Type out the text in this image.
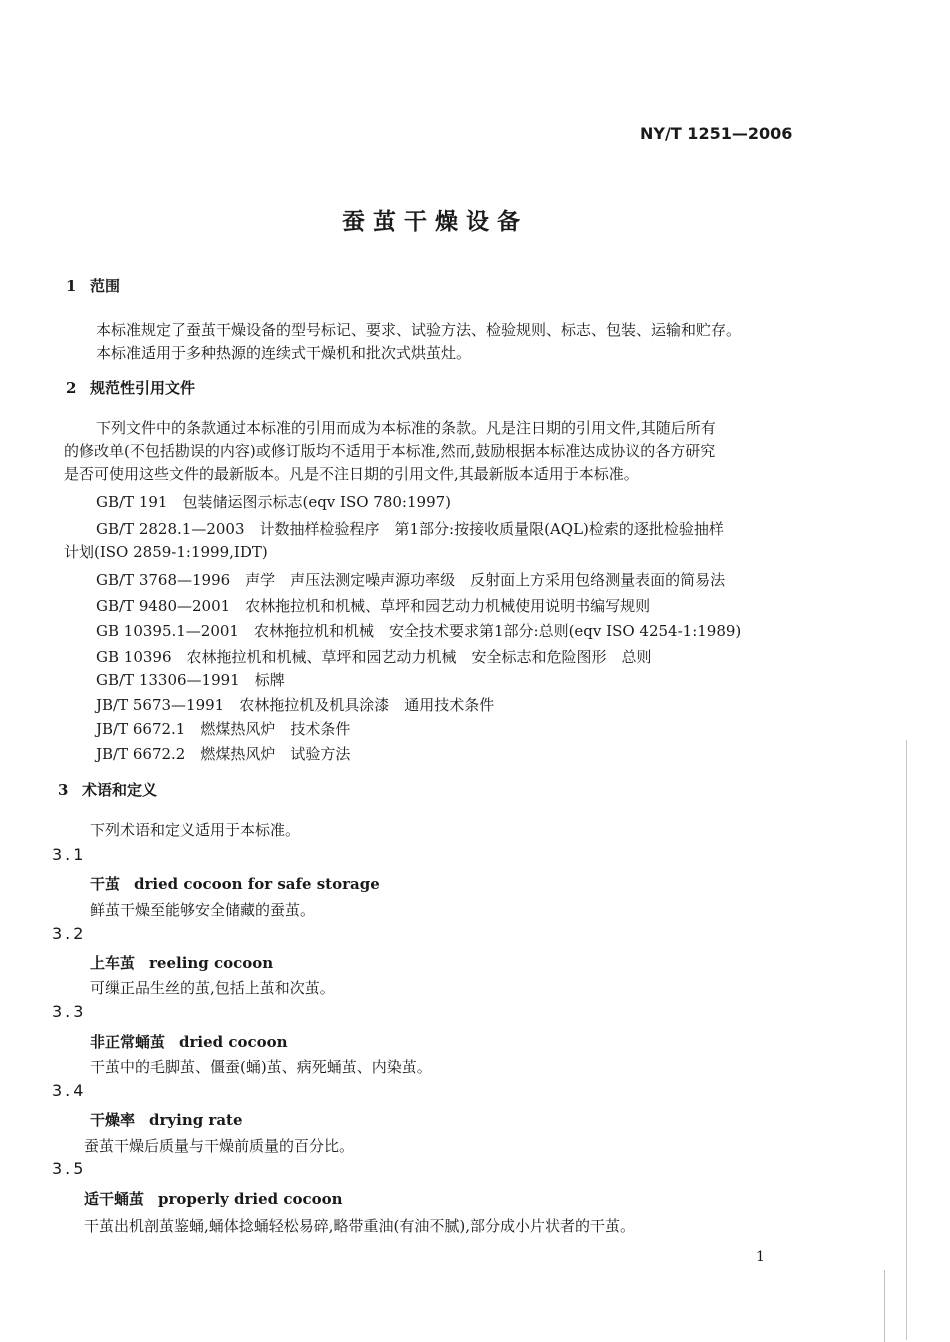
NY/T 1251—2006
蚕茧干燥设备
1 范围
本标准规定了蚕茧干燥设备的型号标记、要求、试验方法、检验规则、标志、包装、运输和贮存。
本标准适用于多种热源的连续式干燥机和批次式烘茧灶。
2 规范性引用文件
下列文件中的条款通过本标准的引用而成为本标准的条款。凡是注日期的引用文件,其随后所有
的修改单(不包括勘误的内容)或修订版均不适用于本标准,然而,鼓励根据本标准达成协议的各方研究
是否可使用这些文件的最新版本。凡是不注日期的引用文件,其最新版本适用于本标准。
GB/T 191　包装储运图示标志(eqv ISO 780:1997)
GB/T 2828.1—2003　计数抽样检验程序　第1部分:按接收质量限(AQL)检索的逐批检验抽样
计划(ISO 2859-1:1999,IDT)
GB/T 3768—1996　声学　声压法测定噪声源功率级　反射面上方采用包络测量表面的简易法
GB/T 9480—2001　农林拖拉机和机械、草坪和园艺动力机械使用说明书编写规则
GB 10395.1—2001　农林拖拉机和机械　安全技术要求第1部分:总则(eqv ISO 4254-1:1989)
GB 10396　农林拖拉机和机械、草坪和园艺动力机械　安全标志和危险图形　总则
GB/T 13306—1991　标牌
JB/T 5673—1991　农林拖拉机及机具涂漆　通用技术条件
JB/T 6672.1　燃煤热风炉　技术条件
JB/T 6672.2　燃煤热风炉　试验方法
3 术语和定义
下列术语和定义适用于本标准。
3.1
干茧 dried cocoon for safe storage
鲜茧干燥至能够安全储藏的蚕茧。
3.2
上车茧 reeling cocoon
可缫正品生丝的茧,包括上茧和次茧。
3.3
非正常蛹茧 dried cocoon
干茧中的毛脚茧、僵蚕(蛹)茧、病死蛹茧、内染茧。
3.4
干燥率 drying rate
蚕茧干燥后质量与干燥前质量的百分比。
3.5
适干蛹茧 properly dried cocoon
干茧出机剖茧鉴蛹,蛹体捻蛹轻松易碎,略带重油(有油不腻),部分成小片状者的干茧。
1
